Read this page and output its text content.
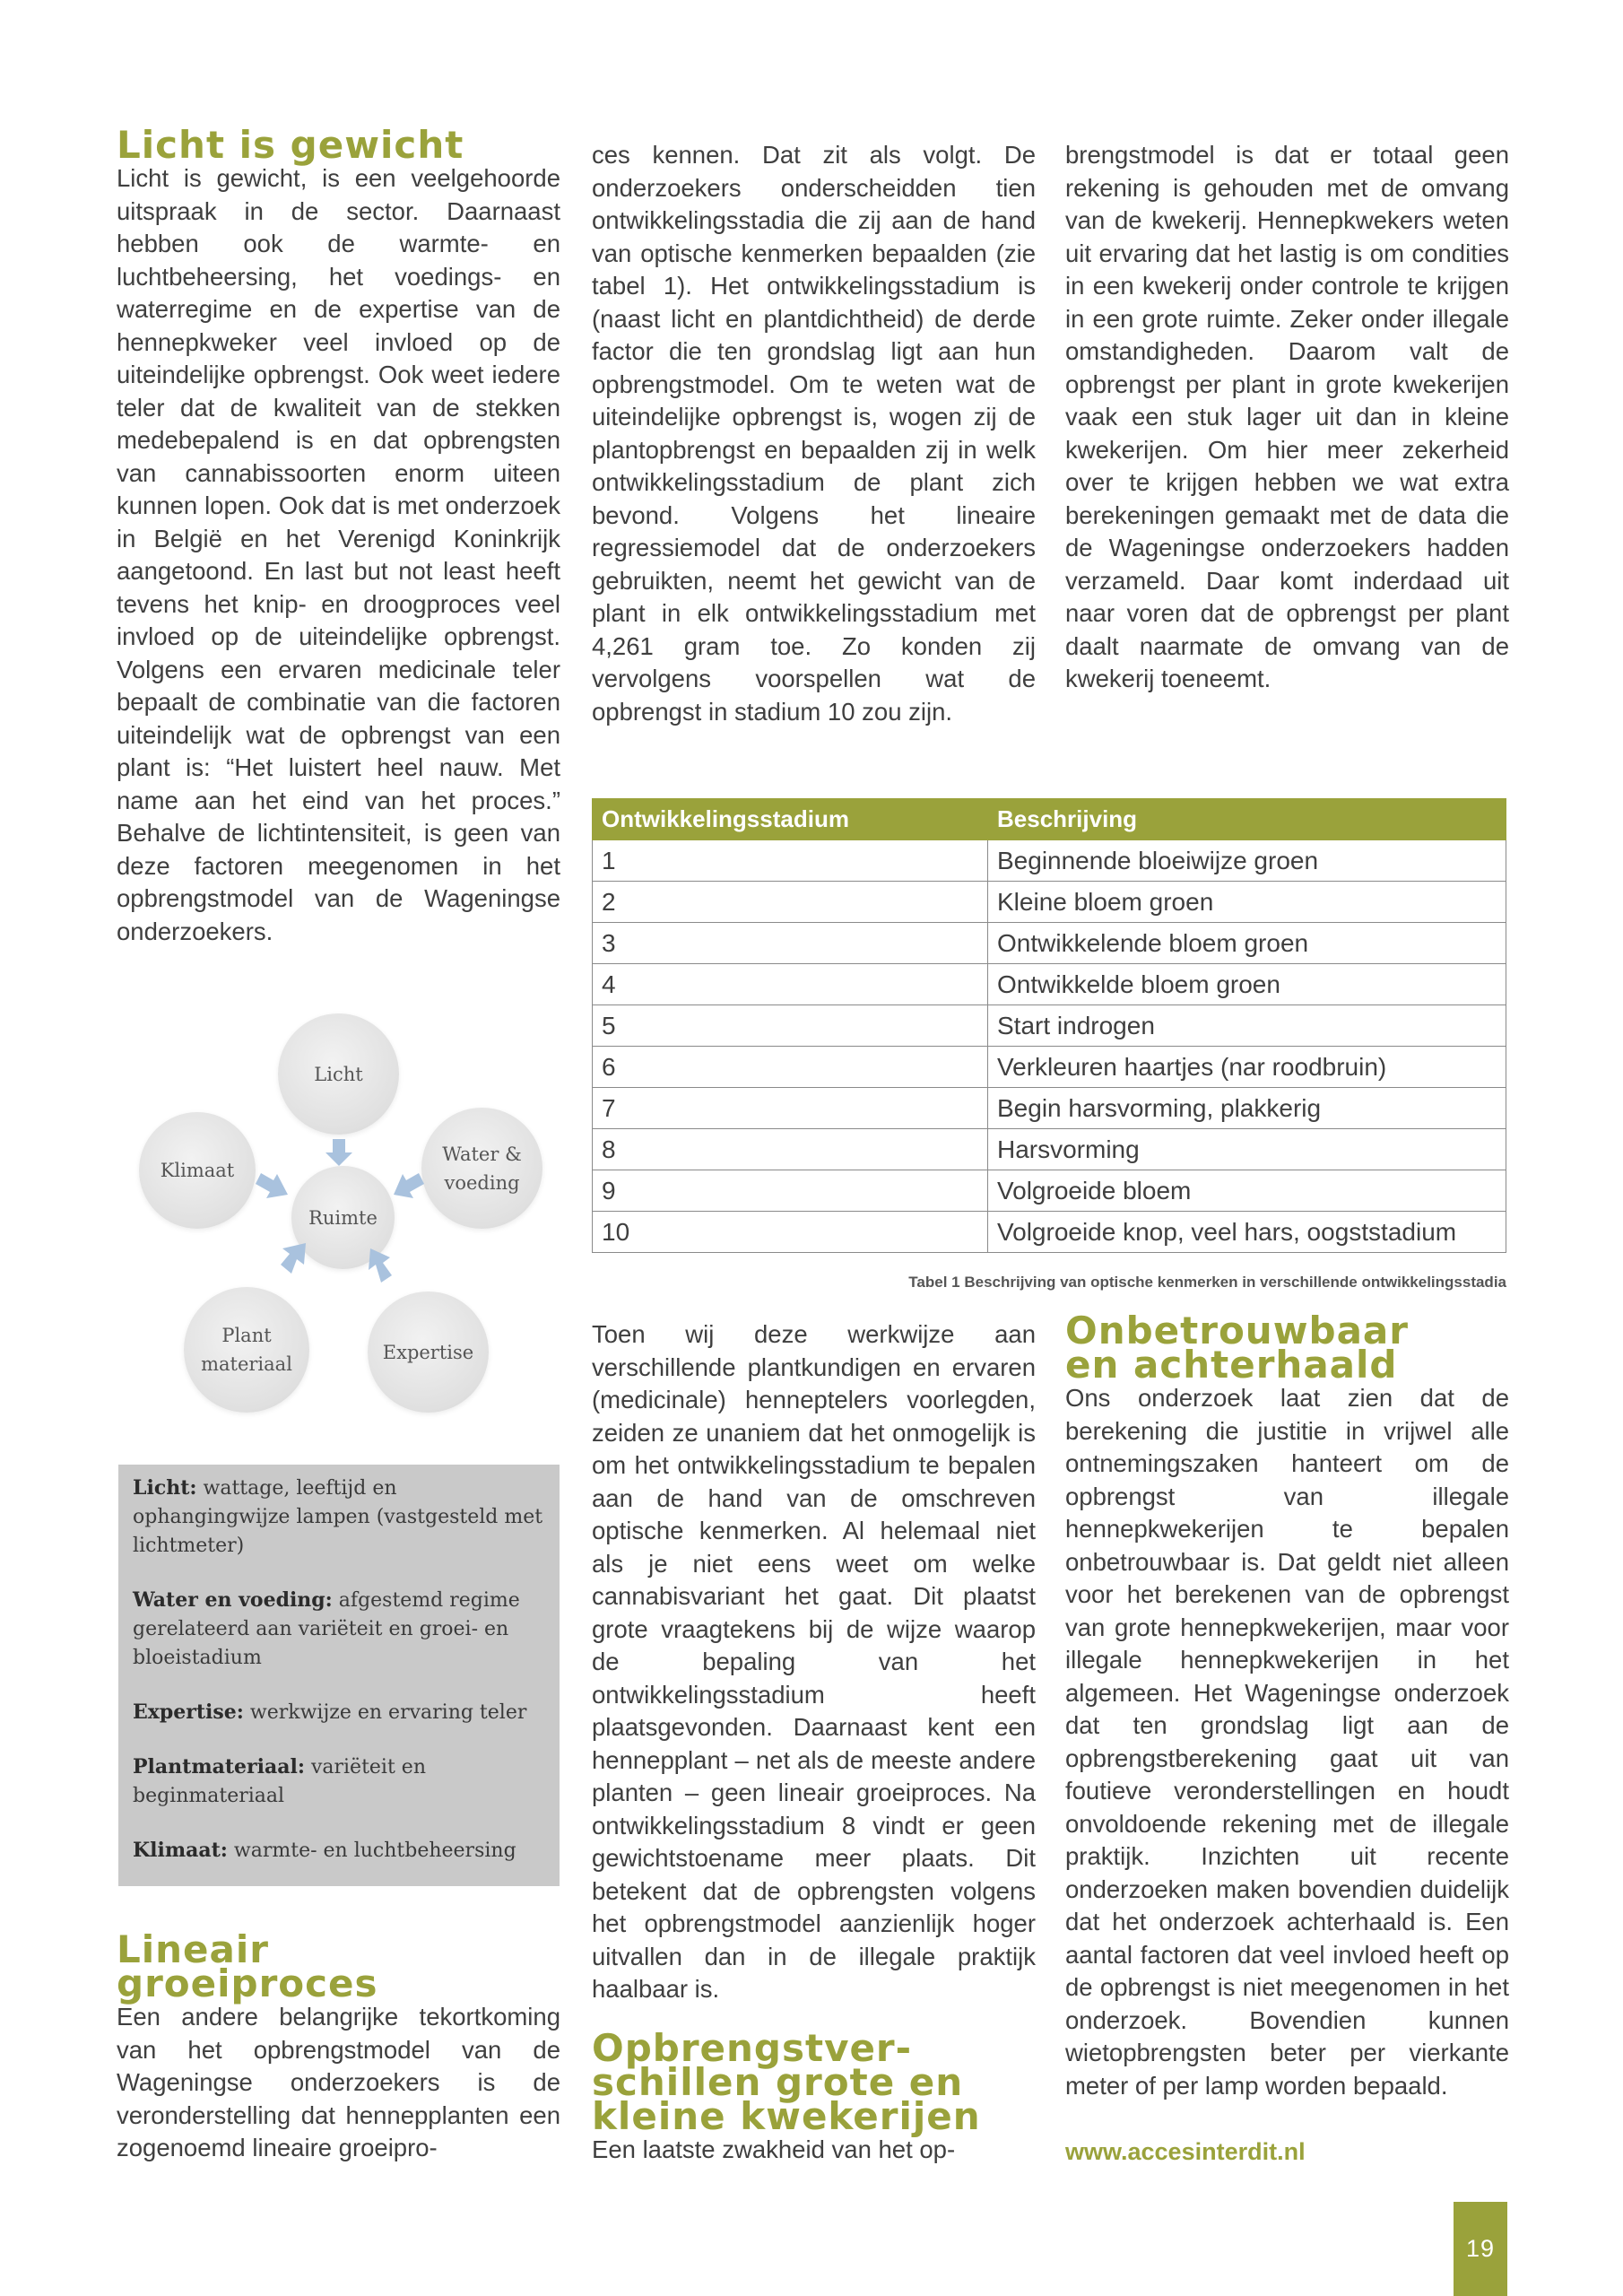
Licht is gewicht

Licht is gewicht, is een veelgehoorde uitspraak in de sector. Daarnaast hebben ook de warmte- en luchtbeheersing, het voedings- en waterregime en de expertise van de hennepkweker veel invloed op de uiteindelijke opbrengst. Ook weet iedere teler dat de kwaliteit van de stekken medebepalend is en dat opbrengsten van cannabissoorten enorm uiteen kunnen lopen. Ook dat is met onderzoek in België en het Verenigd Koninkrijk aangetoond. En last but not least heeft tevens het knip- en droogproces veel invloed op de uiteindelijke opbrengst. Volgens een ervaren medicinale teler bepaalt de combinatie van die factoren uiteindelijk wat de opbrengst van een plant is: “Het luistert heel nauw. Met name aan het eind van het proces.” Behalve de lichtintensiteit, is geen van deze factoren meegenomen in het opbrengstmodel van de Wageningse onderzoekers.

ces kennen. Dat zit als volgt. De onderzoekers onderscheidden tien ontwikkelingsstadia die zij aan de hand van optische kenmerken bepaalden (zie tabel 1). Het ontwikkelingsstadium is (naast licht en plantdichtheid) de derde factor die ten grondslag ligt aan hun opbrengstmodel. Om te weten wat de uiteindelijke opbrengst is, wogen zij de plantopbrengst en bepaalden zij in welk ontwikkelingsstadium de plant zich bevond. Volgens het lineaire regressiemodel dat de onderzoekers gebruikten, neemt het gewicht van de plant in elk ontwikkelingsstadium met 4,261 gram toe. Zo konden zij vervolgens voorspellen wat de opbrengst in stadium 10 zou zijn.

brengstmodel is dat er totaal geen rekening is gehouden met de omvang van de kwekerij. Hennepkwekers weten uit ervaring dat het lastig is om condities in een kwekerij onder controle te krijgen in een grote ruimte. Zeker onder illegale omstandigheden. Daarom valt de opbrengst per plant in grote kwekerijen vaak een stuk lager uit dan in kleine kwekerijen. Om hier meer zekerheid over te krijgen hebben we wat extra berekeningen gemaakt met de data die de Wageningse onderzoekers hadden verzameld. Daar komt inderdaad uit naar voren dat de opbrengst per plant daalt naarmate de omvang van de kwekerij toeneemt.

Licht
Water &
voeding
Expertise
Plant
materiaal
Klimaat
Ruimte

Licht: wattage, leeftijd en ophangingwijze lampen (vastgesteld met lichtmeter)

Water en voeding: afgestemd regime gerelateerd aan variëteit en groei- en bloeistadium

Expertise: werkwijze en ervaring teler

Plantmateriaal: variëteit en beginmateriaal

Klimaat: warmte- en luchtbeheersing

Ontwikkelingsstadium	Beschrijving
1	Beginnende bloeiwijze groen
2	Kleine bloem groen
3	Ontwikkelende bloem groen
4	Ontwikkelde bloem groen
5	Start indrogen
6	Verkleuren haartjes (nar roodbruin)
7	Begin harsvorming, plakkerig
8	Harsvorming
9	Volgroeide bloem
10	Volgroeide knop, veel hars, oogststadium
Tabel 1 Beschrijving van optische kenmerken in verschillende ontwikkelingsstadia

Toen wij deze werkwijze aan verschillende plantkundigen en ervaren (medicinale) henneptelers voorlegden, zeiden ze unaniem dat het onmogelijk is om het ontwikkelingsstadium te bepalen aan de hand van de omschreven optische kenmerken. Al helemaal niet als je niet eens weet om welke cannabisvariant het gaat. Dit plaatst grote vraagtekens bij de wijze waarop de bepaling van het ontwikkelingsstadium heeft plaatsgevonden. Daarnaast kent een hennepplant – net als de meeste andere planten – geen lineair groeiproces. Na ontwikkelingsstadium 8 vindt er geen gewichtstoename meer plaats. Dit betekent dat de opbrengsten volgens het opbrengstmodel aanzienlijk hoger uitvallen dan in de illegale praktijk haalbaar is.

Opbrengstver-
schillen grote en
kleine kwekerijen

Een laatste zwakheid van het op-

Onbetrouwbaar
en achterhaald

Ons onderzoek laat zien dat de berekening die justitie in vrijwel alle ontnemingszaken hanteert om de opbrengst van illegale hennepkwekerijen te bepalen onbetrouwbaar is. Dat geldt niet alleen voor het berekenen van de opbrengst van grote hennepkwekerijen, maar voor illegale hennepkwekerijen in het algemeen. Het Wageningse onderzoek dat ten grondslag ligt aan de opbrengstberekening gaat uit van foutieve veronderstellingen en houdt onvoldoende rekening met de illegale praktijk. Inzichten uit recente onderzoeken maken bovendien duidelijk dat het onderzoek achterhaald is. Een aantal factoren dat veel invloed heeft op de opbrengst is niet meegenomen in het onderzoek. Bovendien kunnen wietopbrengsten beter per vierkante meter of per lamp worden bepaald.

www.accesinterdit.nl
Lineair
groeiproces

Een andere belangrijke tekortkoming van het opbrengstmodel van de Wageningse onderzoekers is de veronderstelling dat hennepplanten een zogenoemd lineaire groeipro-

19
